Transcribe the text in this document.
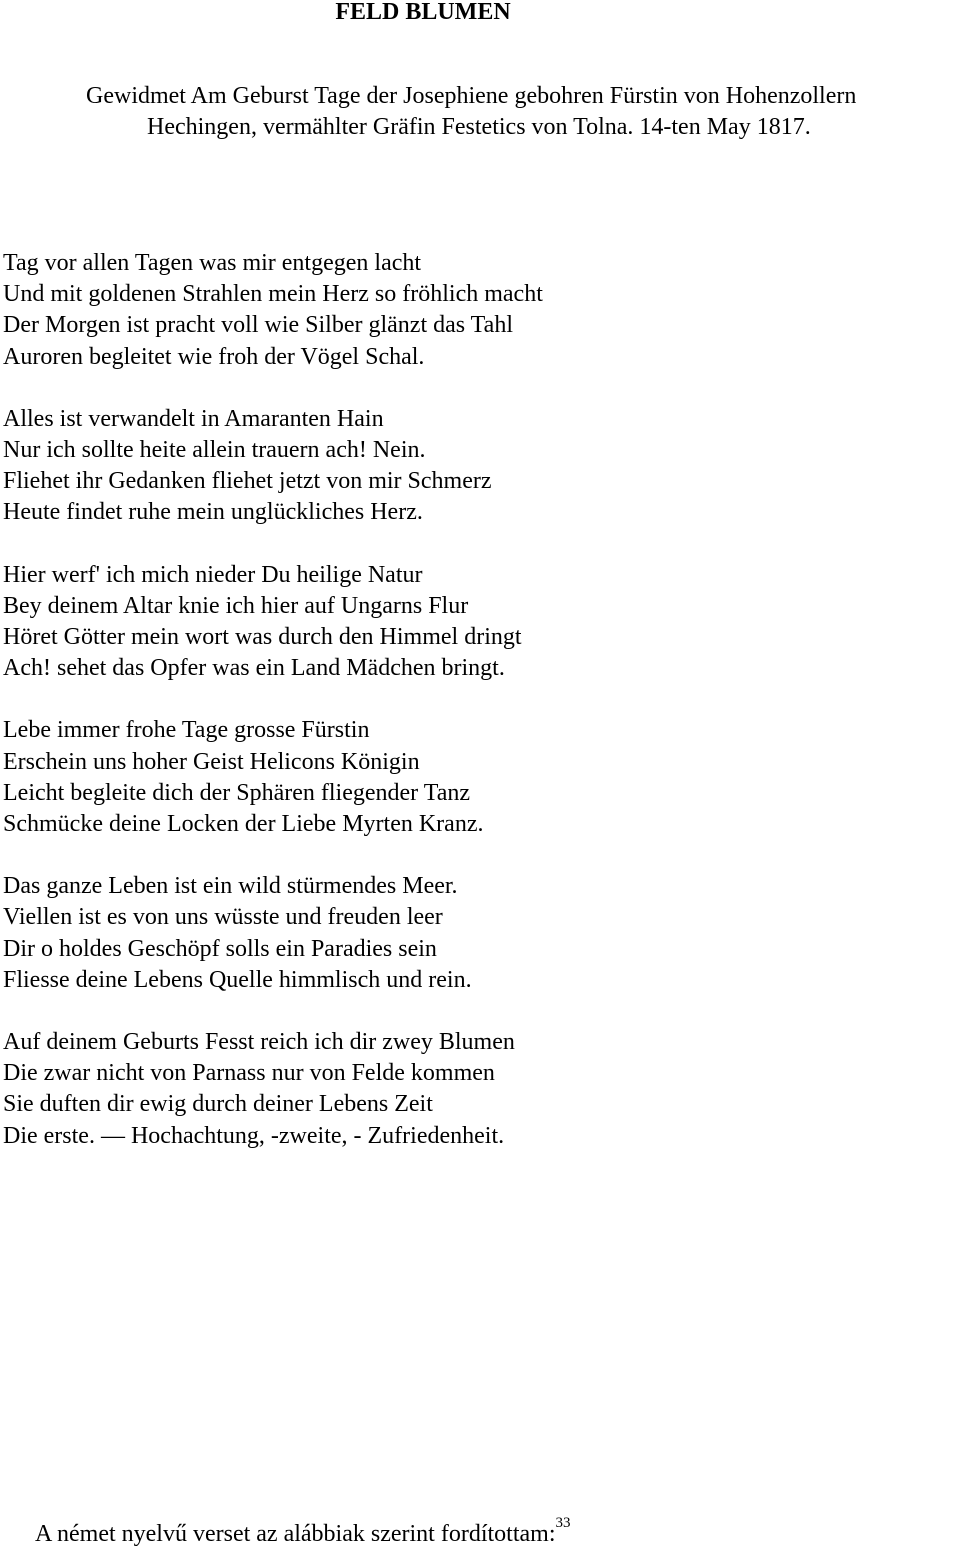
FELD BLUMEN
Gewidmet Am Geburst Tage der Josephiene gebohren Fürstin von Hohenzollern
Hechingen, vermählter Gräfin Festetics von Tolna. 14-ten May 1817.
Tag vor allen Tagen was mir entgegen lacht
Und mit goldenen Strahlen mein Herz so fröhlich macht
Der Morgen ist pracht voll wie Silber glänzt das Tahl
Auroren begleitet wie froh der Vögel Schal.
Alles ist verwandelt in Amaranten Hain
Nur ich sollte heite allein trauern ach! Nein.
Fliehet ihr Gedanken fliehet jetzt von mir Schmerz
Heute findet ruhe mein unglückliches Herz.
Hier werf' ich mich nieder Du heilige Natur
Bey deinem Altar knie ich hier auf Ungarns Flur
Höret Götter mein wort was durch den Himmel dringt
Ach! sehet das Opfer was ein Land Mädchen bringt.
Lebe immer frohe Tage grosse Fürstin
Erschein uns hoher Geist Helicons Königin
Leicht begleite dich der Sphären fliegender Tanz
Schmücke deine Locken der Liebe Myrten Kranz.
Das ganze Leben ist ein wild stürmendes Meer.
Viellen ist es von uns wüsste und freuden leer
Dir o holdes Geschöpf solls ein Paradies sein
Fliesse deine Lebens Quelle himmlisch und rein.
Auf deinem Geburts Fesst reich ich dir zwey Blumen
Die zwar nicht von Parnass nur von Felde kommen
Sie duften dir ewig durch deiner Lebens Zeit
Die erste. — Hochachtung, -zweite, - Zufriedenheit.
A német nyelvű verset az alábbiak szerint fordítottam:$^{33}$
